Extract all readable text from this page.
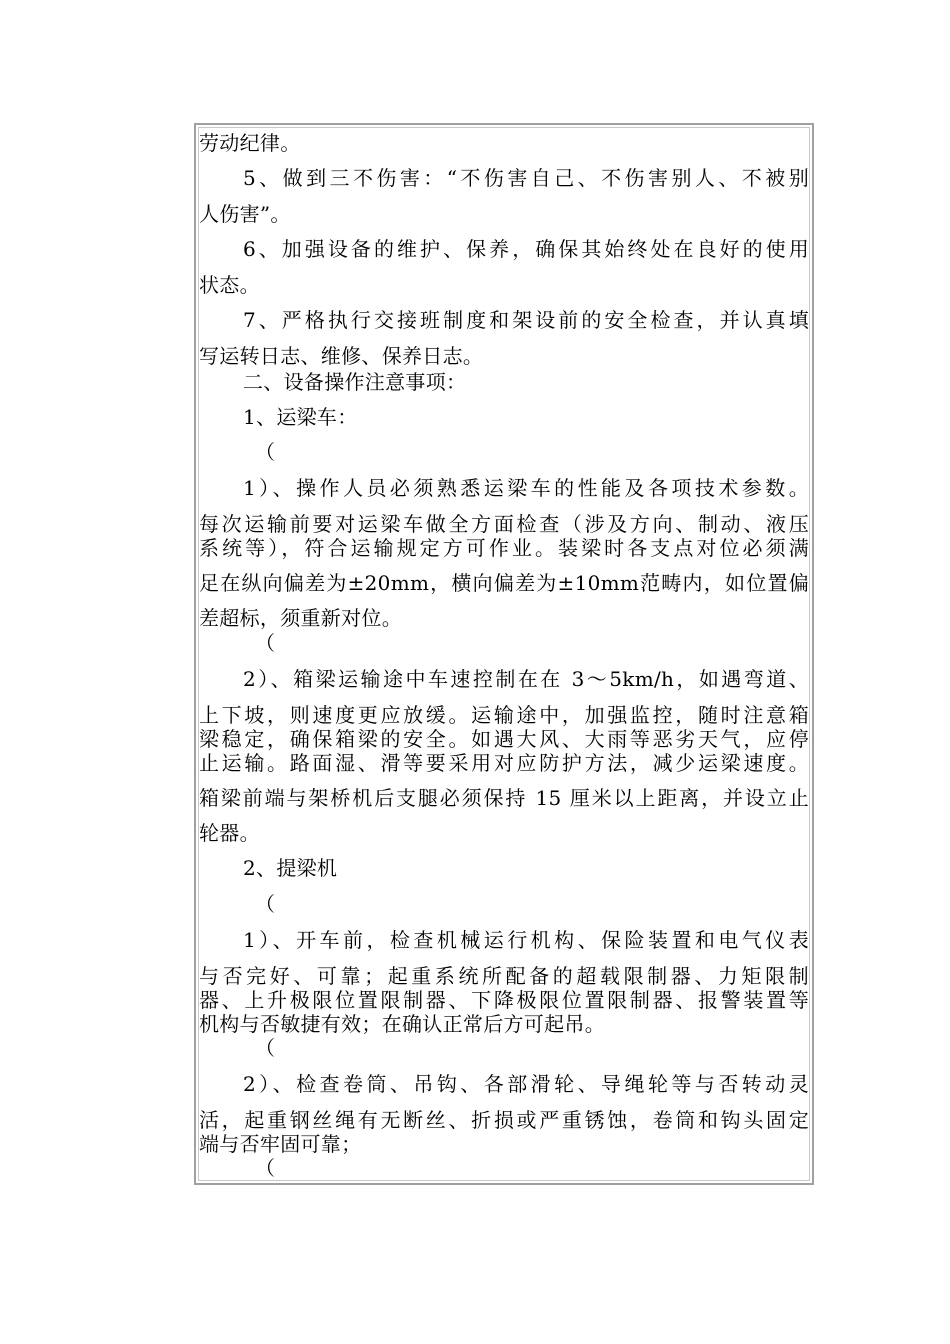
劳动纪律。
5、做到三不伤害：“不伤害自己、不伤害别人、不被别
人伤害”。
6、加强设备的维护、保养，确保其始终处在良好的使用
状态。
7、严格执行交接班制度和架设前的安全检查，并认真填
写运转日志、维修、保养日志。
二、设备操作注意事项：
1、运梁车：
（
1）、操作人员必须熟悉运梁车的性能及各项技术参数。
每次运输前要对运梁车做全方面检查（涉及方向、制动、液压
系统等），符合运输规定方可作业。装梁时各支点对位必须满
足在纵向偏差为±20mm，横向偏差为±10mm范畴内，如位置偏
差超标，须重新对位。
（
2）、箱梁运输途中车速控制在在 3～5km/h，如遇弯道、
上下坡，则速度更应放缓。运输途中，加强监控，随时注意箱
梁稳定，确保箱梁的安全。如遇大风、大雨等恶劣天气，应停
止运输。路面湿、滑等要采用对应防护方法，减少运梁速度。
箱梁前端与架桥机后支腿必须保持 15 厘米以上距离，并设立止
轮器。
2、提梁机
（
1）、开车前，检查机械运行机构、保险装置和电气仪表
与否完好、可靠；起重系统所配备的超载限制器、力矩限制
器、上升极限位置限制器、下降极限位置限制器、报警装置等
机构与否敏捷有效；在确认正常后方可起吊。
（
2）、检查卷筒、吊钩、各部滑轮、导绳轮等与否转动灵
活，起重钢丝绳有无断丝、折损或严重锈蚀，卷筒和钩头固定
端与否牢固可靠；
（
